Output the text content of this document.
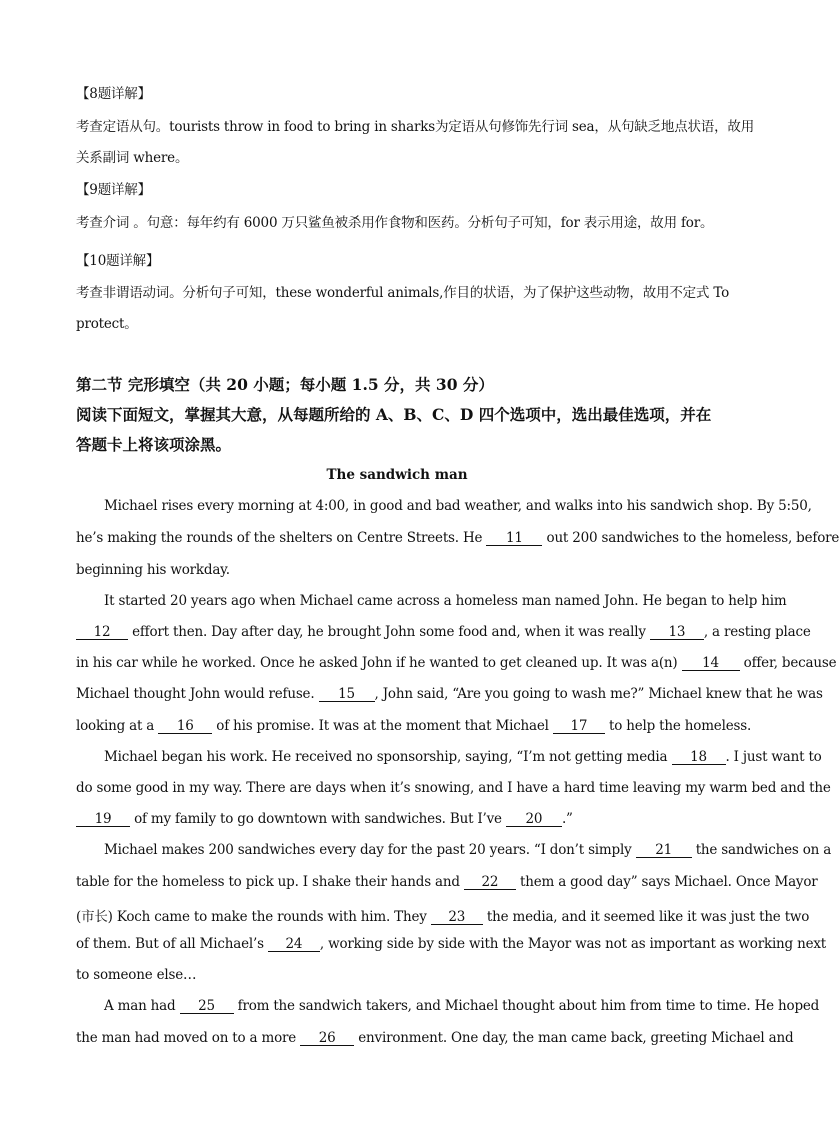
【8题详解】
考查定语从句。tourists throw in food to bring in sharks为定语从句修饰先行词 sea，从句缺乏地点状语，故用
关系副词 where。
【9题详解】
考查介词 。句意：每年约有 6000 万只鲨鱼被杀用作食物和医药。分析句子可知，for 表示用途，故用 for。
【10题详解】
考查非谓语动词。分析句子可知，these wonderful animals,作目的状语，为了保护这些动物，故用不定式 To
protect。
第二节 完形填空（共 20 小题；每小题 1.5 分，共 30 分）
阅读下面短文，掌握其大意，从每题所给的 A、B、C、D 四个选项中，选出最佳选项，并在
答题卡上将该项涂黑。
The sandwich man
Michael rises every morning at 4:00, in good and bad weather, and walks into his sandwich shop. By 5:50,
he’s making the rounds of the shelters on Centre Streets. He 11 out 200 sandwiches to the homeless, before
beginning his workday.
It started 20 years ago when Michael came across a homeless man named John. He began to help him
12 effort then. Day after day, he brought John some food and, when it was really 13 , a resting place
in his car while he worked. Once he asked John if he wanted to get cleaned up. It was a(n) 14 offer, because
Michael thought John would refuse. 15 , John said, “Are you going to wash me?” Michael knew that he was
looking at a 16 of his promise. It was at the moment that Michael 17 to help the homeless.
Michael began his work. He received no sponsorship, saying, “I’m not getting media 18 . I just want to
do some good in my way. There are days when it’s snowing, and I have a hard time leaving my warm bed and the
19 of my family to go downtown with sandwiches. But I’ve 20 .”
Michael makes 200 sandwiches every day for the past 20 years. “I don’t simply 21 the sandwiches on a
table for the homeless to pick up. I shake their hands and 22 them a good day” says Michael. Once Mayor
(市长) Koch came to make the rounds with him. They 23 the media, and it seemed like it was just the two
of them. But of all Michael’s 24 , working side by side with the Mayor was not as important as working next
to someone else…
A man had 25 from the sandwich takers, and Michael thought about him from time to time. He hoped
the man had moved on to a more 26 environment. One day, the man came back, greeting Michael and
